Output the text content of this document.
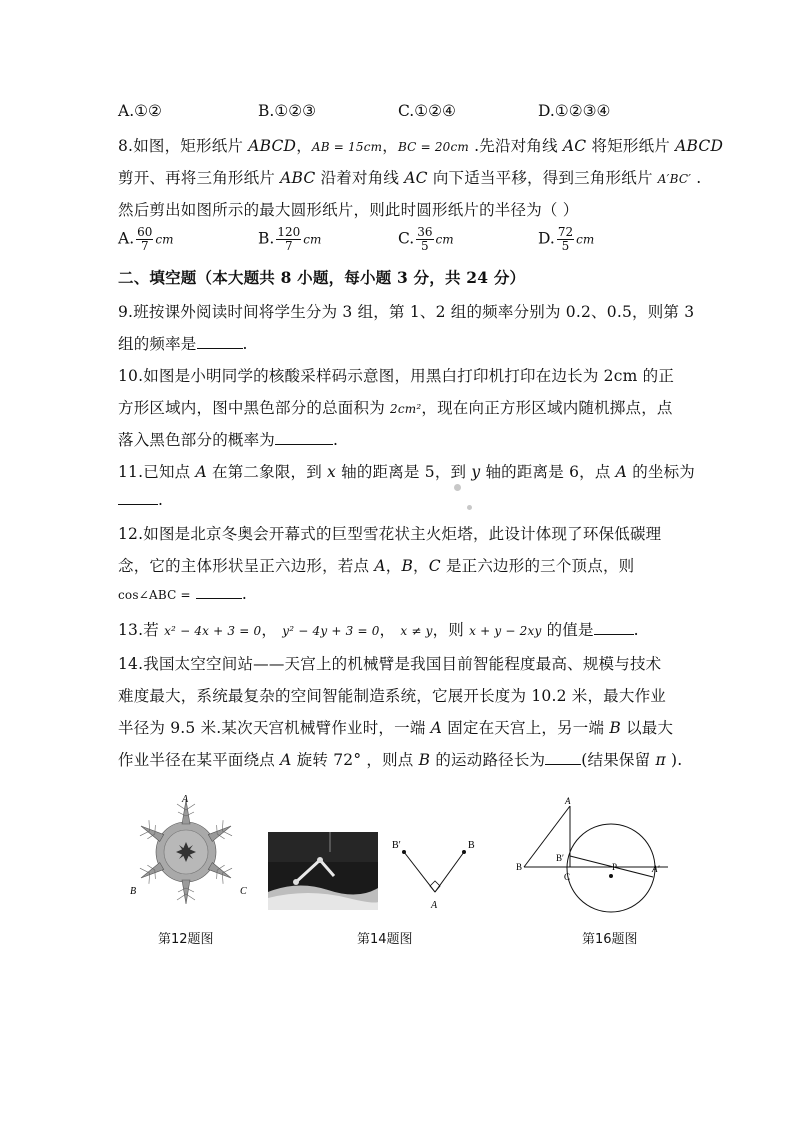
A.①②	B.①②③	C.①②④	D.①②③④
8.如图，矩形纸片 ABCD，AB = 15cm，BC = 20cm .先沿对角线 AC 将矩形纸片 ABCD
剪开、再将三角形纸片 ABC 沿着对角线 AC 向下适当平移，得到三角形纸片 A′BC′ .
然后剪出如图所示的最大圆形纸片，则此时圆形纸片的半径为（ ）
A. $\frac{60}{7}$ cm	B. $\frac{120}{7}$ cm	C. $\frac{36}{5}$ cm	D. $\frac{72}{5}$ cm
二、填空题（本大题共 8 小题，每小题 3 分，共 24 分）
9.班按课外阅读时间将学生分为 3 组，第 1、2 组的频率分别为 0.2、0.5，则第 3
组的频率是	.
10.如图是小明同学的核酸采样码示意图，用黑白打印机打印在边长为 2cm 的正
方形区域内，图中黑色部分的总面积为 2cm²，现在向正方形区域内随机掷点，点
落入黑色部分的概率为	.
11.已知点 A 在第二象限，到 x 轴的距离是 5，到 y 轴的距离是 6，点 A 的坐标为
.
12.如图是北京冬奥会开幕式的巨型雪花状主火炬塔，此设计体现了环保低碳理
念，它的主体形状呈正六边形，若点 A，B，C 是正六边形的三个顶点，则
cos∠ABC =	.
13.若 x² − 4x + 3 = 0， y² − 4y + 3 = 0， x ≠ y，则 x + y − 2xy 的值是	.
14.我国太空空间站——天宫上的机械臂是我国目前智能程度最高、规模与技术
难度最大，系统最复杂的空间智能制造系统，它展开长度为 10.2 米，最大作业
半径为 9.5 米.某次天宫机械臂作业时，一端 A 固定在天宫上，另一端 B 以最大
作业半径在某平面绕点 A 旋转 72° ，则点 B 的运动路径长为 (结果保留 π ).
A
B	C
第12题图
B′	B
A
第14题图
A
B′
P
B
C
A′
第16题图
